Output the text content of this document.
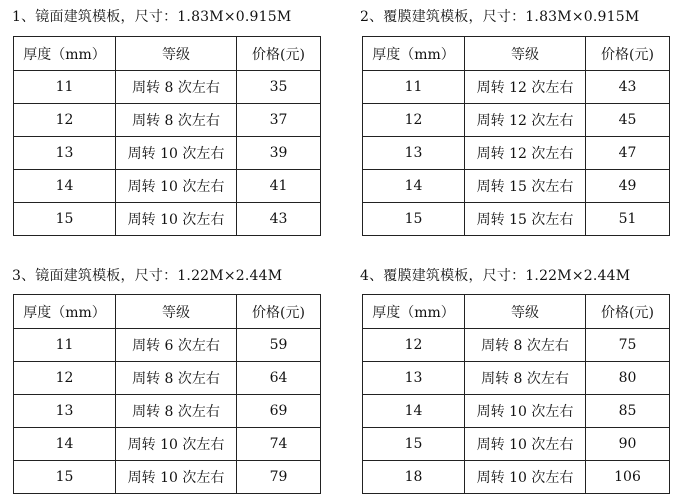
1、镜面建筑模板，尺寸：1.83M×0.915M
厚度（mm）	等级	价格(元)
11	周转 8 次左右	35
12	周转 8 次左右	37
13	周转 10 次左右	39
14	周转 10 次左右	41
15	周转 10 次左右	43
2、覆膜建筑模板，尺寸：1.83M×0.915M
厚度（mm）	等级	价格(元)
11	周转 12 次左右	43
12	周转 12 次左右	45
13	周转 12 次左右	47
14	周转 15 次左右	49
15	周转 15 次左右	51
3、镜面建筑模板，尺寸：1.22M×2.44M
厚度（mm）	等级	价格(元)
11	周转 6 次左右	59
12	周转 8 次左右	64
13	周转 8 次左右	69
14	周转 10 次左右	74
15	周转 10 次左右	79
4、覆膜建筑模板，尺寸：1.22M×2.44M
厚度（mm）	等级	价格(元)
12	周转 8 次左右	75
13	周转 8 次左右	80
14	周转 10 次左右	85
15	周转 10 次左右	90
18	周转 10 次左右	106
